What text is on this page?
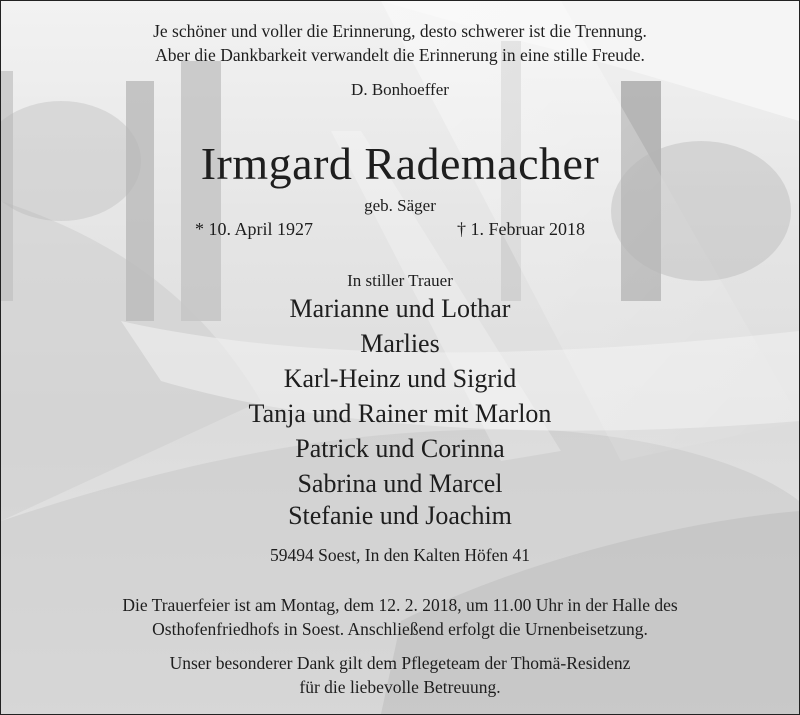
Je schöner und voller die Erinnerung, desto schwerer ist die Trennung.
Aber die Dankbarkeit verwandelt die Erinnerung in eine stille Freude.
D. Bonhoeffer
Irmgard Rademacher
geb. Säger
* 10. April 1927	† 1. Februar 2018
In stiller Trauer
Marianne und Lothar
Marlies
Karl-Heinz und Sigrid
Tanja und Rainer mit Marlon
Patrick und Corinna
Sabrina und Marcel
Stefanie und Joachim
59494 Soest, In den Kalten Höfen 41
Die Trauerfeier ist am Montag, dem 12. 2. 2018, um 11.00 Uhr in der Halle des
Osthofenfriedhofs in Soest. Anschließend erfolgt die Urnenbeisetzung.
Unser besonderer Dank gilt dem Pflegeteam der Thomä-Residenz
für die liebevolle Betreuung.
